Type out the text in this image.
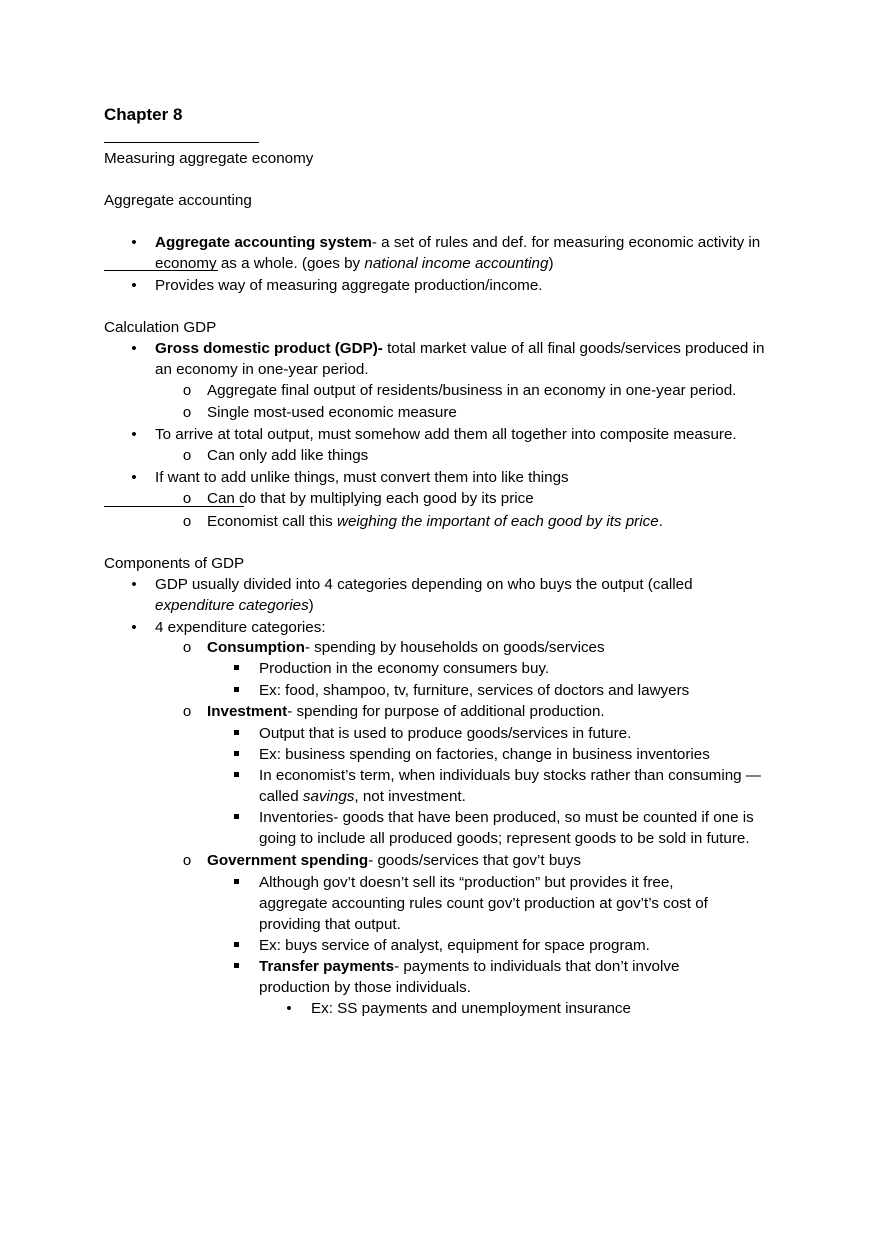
Chapter 8
Measuring aggregate economy
Aggregate accounting
•	Aggregate accounting system- a set of rules and def. for measuring economic activity in economy as a whole. (goes by national income accounting)
•	Provides way of measuring aggregate production/income.
Calculation GDP
•	Gross domestic product (GDP)- total market value of all final goods/services produced in an economy in one-year period.
o Aggregate final output of residents/business in an economy in one-year period.
o Single most-used economic measure
•	To arrive at total output, must somehow add them all together into composite measure.
o Can only add like things
•	If want to add unlike things, must convert them into like things
o Can do that by multiplying each good by its price
o Economist call this weighing the important of each good by its price.
Components of GDP
•	GDP usually divided into 4 categories depending on who buys the output (called expenditure categories)
•	4 expenditure categories:
o Consumption- spending by households on goods/services
Production in the economy consumers buy.
Ex: food, shampoo, tv, furniture, services of doctors and lawyers
o Investment- spending for purpose of additional production.
Output that is used to produce goods/services in future.
Ex: business spending on factories, change in business inventories
In economist’s term, when individuals buy stocks rather than consuming —called savings, not investment.
Inventories- goods that have been produced, so must be counted if one is going to include all produced goods; represent goods to be sold in future.
o Government spending- goods/services that gov’t buys
Although gov’t doesn’t sell its “production” but provides it free, aggregate accounting rules count gov’t production at gov’t’s cost of providing that output.
Ex: buys service of analyst, equipment for space program.
Transfer payments- payments to individuals that don’t involve production by those individuals.
•	Ex: SS payments and unemployment insurance
